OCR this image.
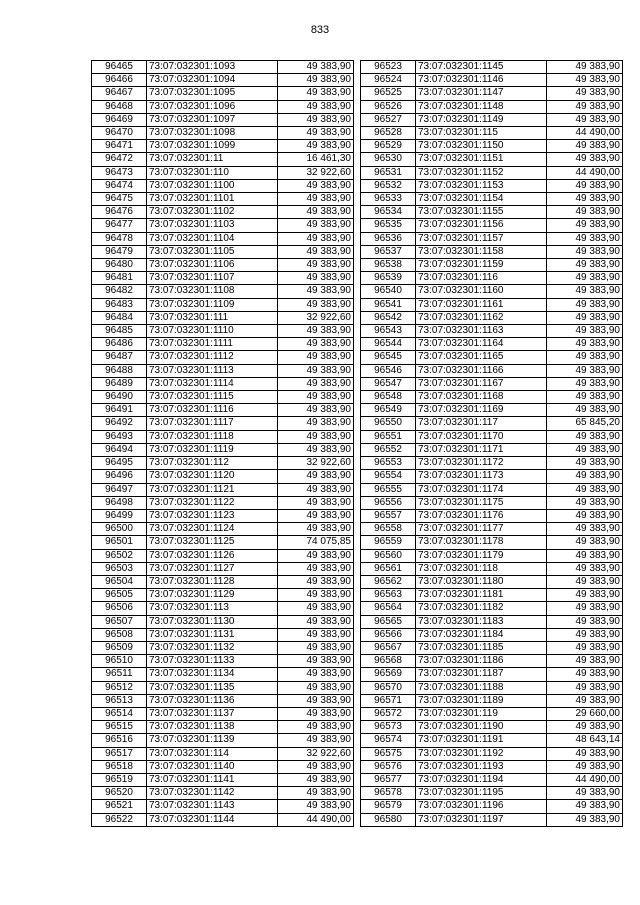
833
96465	73:07:032301:1093	49 383,90
96466	73:07:032301:1094	49 383,90
96467	73:07:032301:1095	49 383,90
96468	73:07:032301:1096	49 383,90
96469	73:07:032301:1097	49 383,90
96470	73:07:032301:1098	49 383,90
96471	73:07:032301:1099	49 383,90
96472	73:07:032301:11	16 461,30
96473	73:07:032301:110	32 922,60
96474	73:07:032301:1100	49 383,90
96475	73:07:032301:1101	49 383,90
96476	73:07:032301:1102	49 383,90
96477	73:07:032301:1103	49 383,90
96478	73:07:032301:1104	49 383,90
96479	73:07:032301:1105	49 383,90
96480	73:07:032301:1106	49 383,90
96481	73:07:032301:1107	49 383,90
96482	73:07:032301:1108	49 383,90
96483	73:07:032301:1109	49 383,90
96484	73:07:032301:111	32 922,60
96485	73:07:032301:1110	49 383,90
96486	73:07:032301:1111	49 383,90
96487	73:07:032301:1112	49 383,90
96488	73:07:032301:1113	49 383,90
96489	73:07:032301:1114	49 383,90
96490	73:07:032301:1115	49 383,90
96491	73:07:032301:1116	49 383,90
96492	73:07:032301:1117	49 383,90
96493	73:07:032301:1118	49 383,90
96494	73:07:032301:1119	49 383,90
96495	73:07:032301:112	32 922,60
96496	73:07:032301:1120	49 383,90
96497	73:07:032301:1121	49 383,90
96498	73:07:032301:1122	49 383,90
96499	73:07:032301:1123	49 383,90
96500	73:07:032301:1124	49 383,90
96501	73:07:032301:1125	74 075,85
96502	73:07:032301:1126	49 383,90
96503	73:07:032301:1127	49 383,90
96504	73:07:032301:1128	49 383,90
96505	73:07:032301:1129	49 383,90
96506	73:07:032301:113	49 383,90
96507	73:07:032301:1130	49 383,90
96508	73:07:032301:1131	49 383,90
96509	73:07:032301:1132	49 383,90
96510	73:07:032301:1133	49 383,90
96511	73:07:032301:1134	49 383,90
96512	73:07:032301:1135	49 383,90
96513	73:07:032301:1136	49 383,90
96514	73:07:032301:1137	49 383,90
96515	73:07:032301:1138	49 383,90
96516	73:07:032301:1139	49 383,90
96517	73:07:032301:114	32 922,60
96518	73:07:032301:1140	49 383,90
96519	73:07:032301:1141	49 383,90
96520	73:07:032301:1142	49 383,90
96521	73:07:032301:1143	49 383,90
96522	73:07:032301:1144	44 490,00
96523	73:07:032301:1145	49 383,90
96524	73:07:032301:1146	49 383,90
96525	73:07:032301:1147	49 383,90
96526	73:07:032301:1148	49 383,90
96527	73:07:032301:1149	49 383,90
96528	73:07:032301:115	44 490,00
96529	73:07:032301:1150	49 383,90
96530	73:07:032301:1151	49 383,90
96531	73:07:032301:1152	44 490,00
96532	73:07:032301:1153	49 383,90
96533	73:07:032301:1154	49 383,90
96534	73:07:032301:1155	49 383,90
96535	73:07:032301:1156	49 383,90
96536	73:07:032301:1157	49 383,90
96537	73:07:032301:1158	49 383,90
96538	73:07:032301:1159	49 383,90
96539	73:07:032301:116	49 383,90
96540	73:07:032301:1160	49 383,90
96541	73:07:032301:1161	49 383,90
96542	73:07:032301:1162	49 383,90
96543	73:07:032301:1163	49 383,90
96544	73:07:032301:1164	49 383,90
96545	73:07:032301:1165	49 383,90
96546	73:07:032301:1166	49 383,90
96547	73:07:032301:1167	49 383,90
96548	73:07:032301:1168	49 383,90
96549	73:07:032301:1169	49 383,90
96550	73:07:032301:117	65 845,20
96551	73:07:032301:1170	49 383,90
96552	73:07:032301:1171	49 383,90
96553	73:07:032301:1172	49 383,90
96554	73:07:032301:1173	49 383,90
96555	73:07:032301:1174	49 383,90
96556	73:07:032301:1175	49 383,90
96557	73:07:032301:1176	49 383,90
96558	73:07:032301:1177	49 383,90
96559	73:07:032301:1178	49 383,90
96560	73:07:032301:1179	49 383,90
96561	73:07:032301:118	49 383,90
96562	73:07:032301:1180	49 383,90
96563	73:07:032301:1181	49 383,90
96564	73:07:032301:1182	49 383,90
96565	73:07:032301:1183	49 383,90
96566	73:07:032301:1184	49 383,90
96567	73:07:032301:1185	49 383,90
96568	73:07:032301:1186	49 383,90
96569	73:07:032301:1187	49 383,90
96570	73:07:032301:1188	49 383,90
96571	73:07:032301:1189	49 383,90
96572	73:07:032301:119	29 660,00
96573	73:07:032301:1190	49 383,90
96574	73:07:032301:1191	48 643,14
96575	73:07:032301:1192	49 383,90
96576	73:07:032301:1193	49 383,90
96577	73:07:032301:1194	44 490,00
96578	73:07:032301:1195	49 383,90
96579	73:07:032301:1196	49 383,90
96580	73:07:032301:1197	49 383,90
